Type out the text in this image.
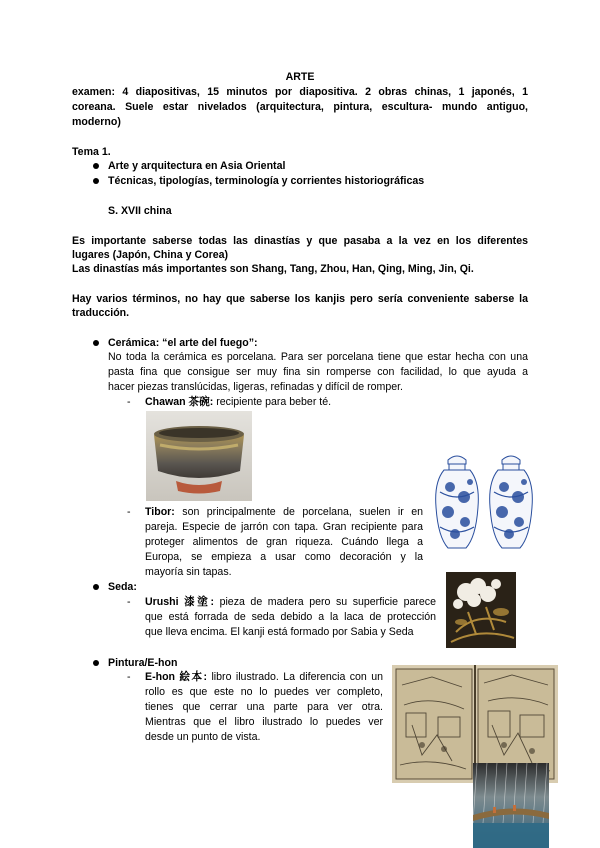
ARTE
examen: 4 diapositivas, 15 minutos por diapositiva. 2 obras chinas, 1 japonés, 1
coreana. Suele estar nivelados (arquitectura, pintura, escultura- mundo antiguo,
moderno)
Tema 1.
Arte y arquitectura en Asia Oriental
Técnicas, tipologías, terminología y corrientes historiográficas
S. XVII china
Es importante saberse todas las dinastías y que pasaba a la vez en los diferentes
lugares (Japón, China y Corea)
Las dinastías más importantes son Shang, Tang, Zhou, Han, Qing, Ming, Jin, Qi.
Hay varios términos, no hay que saberse los kanjis pero sería conveniente saberse la
traducción.
Cerámica: “el arte del fuego”:
No toda la cerámica es porcelana. Para ser porcelana tiene que estar hecha con una
pasta fina que consigue ser muy fina sin romperse con facilidad, lo que ayuda a
hacer piezas translúcidas, ligeras, refinadas y difícil de romper.
- Chawan 茶碗: recipiente para beber té.
- Tibor: son principalmente de porcelana, suelen ir en
pareja. Especie de jarrón con tapa. Gran recipiente para
proteger alimentos de gran riqueza. Cuándo llega a
Europa, se empieza a usar como decoración y la
mayoría sin tapas.
Seda:
- Urushi 漆塗: pieza de madera pero su superficie parece
que está forrada de seda debido a la laca de protección
que lleva encima. El kanji está formado por Sabia y Seda
Pintura/E-hon
- E-hon 絵本: libro ilustrado. La diferencia con un
rollo es que este no lo puedes ver completo,
tienes que cerrar una parte para ver otra.
Mientras que el libro ilustrado lo puedes ver
desde un punto de vista.
